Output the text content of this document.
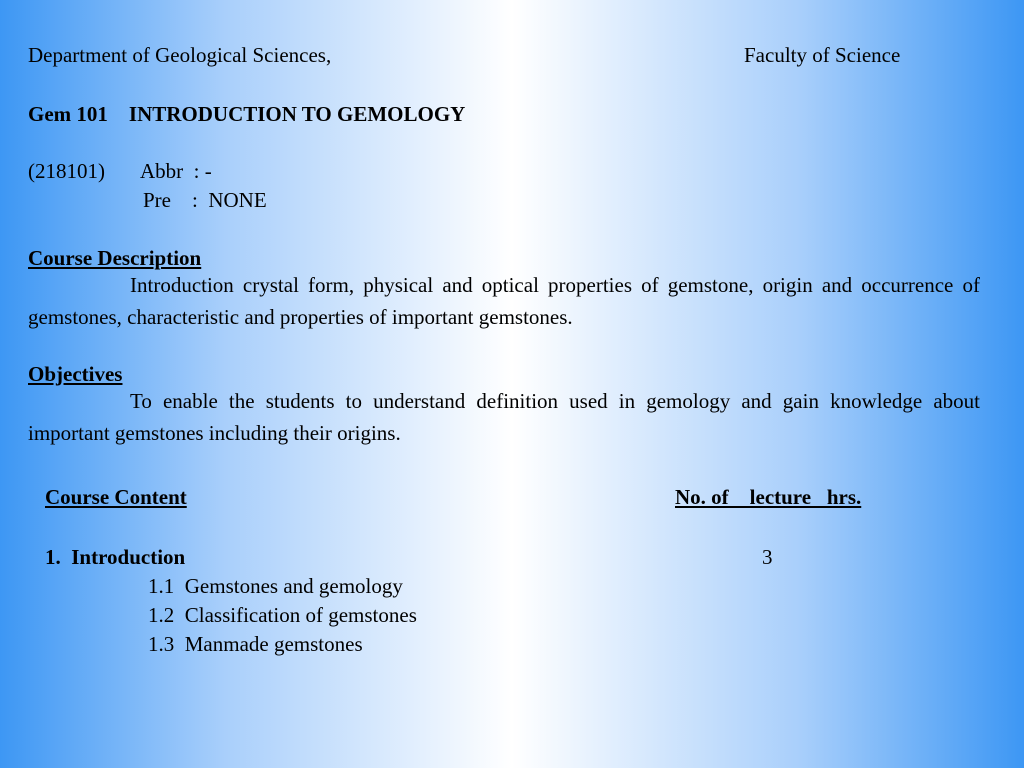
Department of Geological Sciences,	Faculty of Science

Gem 101    INTRODUCTION TO GEMOLOGY

(218101) Abbr  : -

Pre    :  NONE

Course Description

Introduction crystal form, physical and optical properties of gemstone, origin and occurrence of gemstones, characteristic and properties of important gemstones.

Objectives

To enable the students to understand definition used in gemology and gain knowledge about important gemstones including their origins.

Course Content	No. of    lecture   hrs.

1.  Introduction	3

1.1  Gemstones and gemology

1.2  Classification of gemstones

1.3  Manmade gemstones
